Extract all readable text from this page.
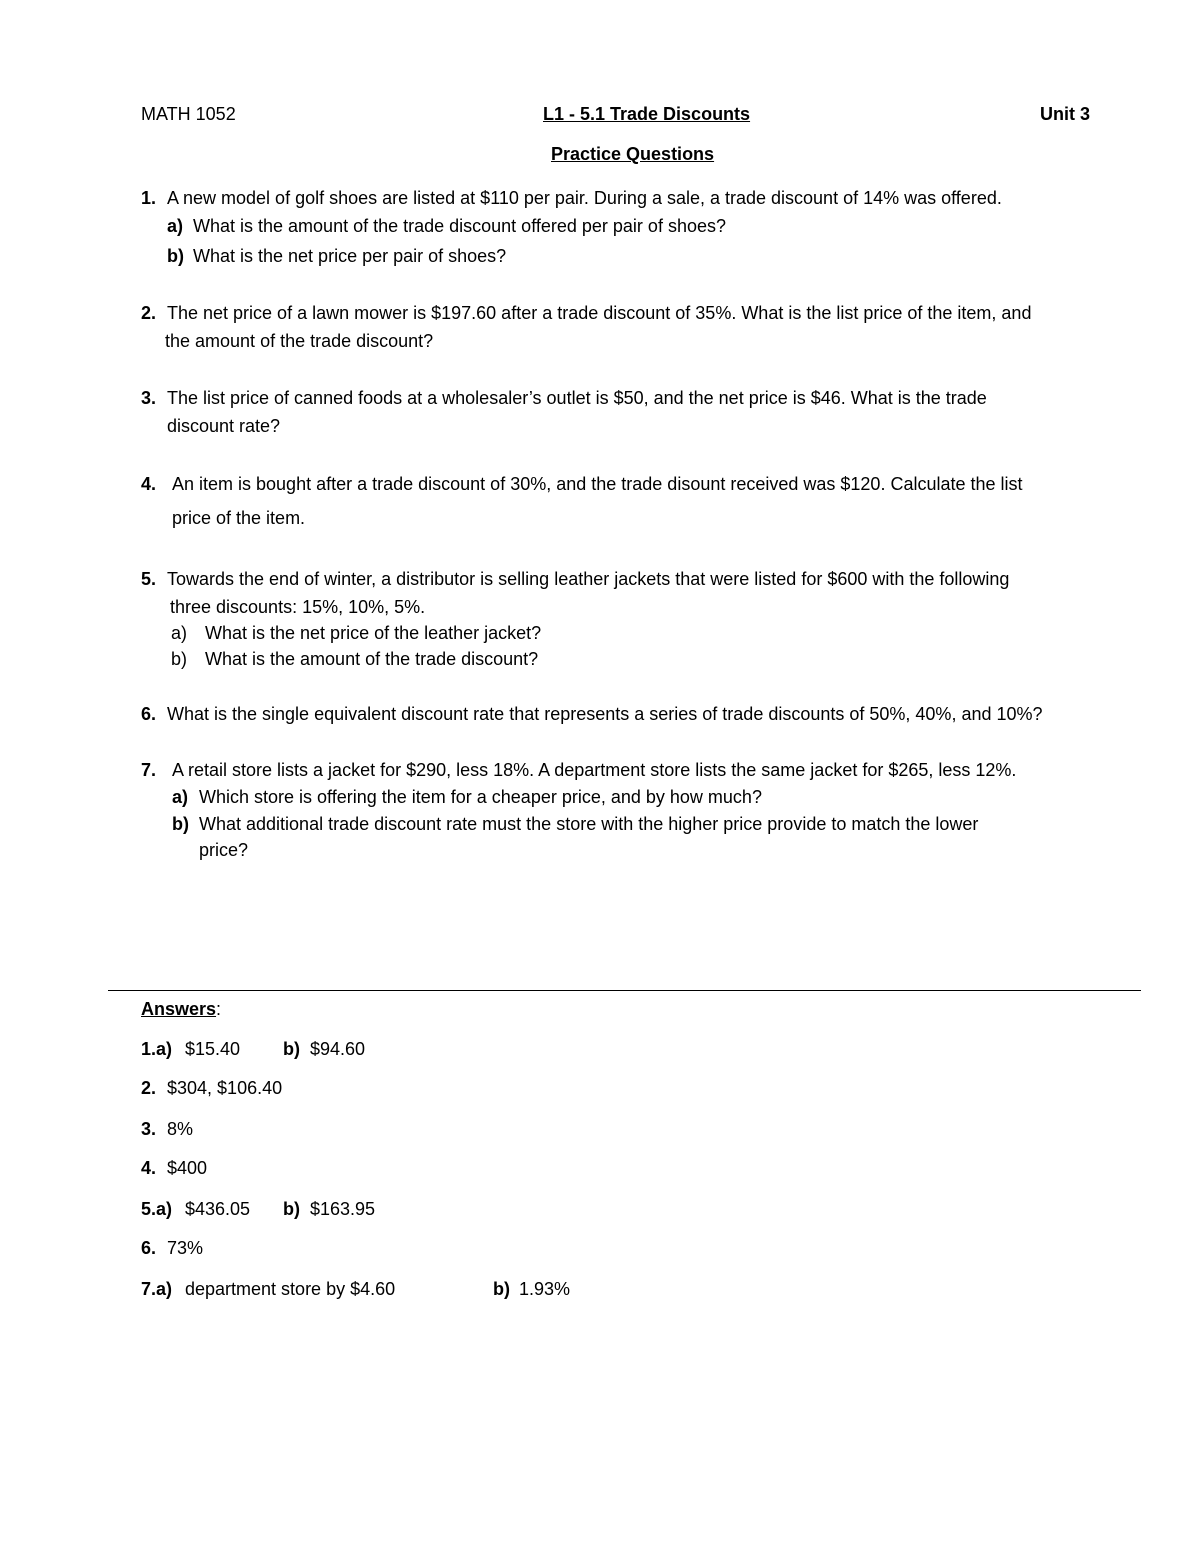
MATH 1052	L1 - 5.1 Trade Discounts	Unit 3
Practice Questions
1. A new model of golf shoes are listed at $110 per pair. During a sale, a trade discount of 14% was offered.
a) What is the amount of the trade discount offered per pair of shoes?
b) What is the net price per pair of shoes?
2. The net price of a lawn mower is $197.60 after a trade discount of 35%. What is the list price of the item, and
the amount of the trade discount?
3. The list price of canned foods at a wholesaler’s outlet is $50, and the net price is $46. What is the trade
discount rate?
4. An item is bought after a trade discount of 30%, and the trade disount received was $120. Calculate the list
price of the item.
5. Towards the end of winter, a distributor is selling leather jackets that were listed for $600 with the following
three discounts: 15%, 10%, 5%.
a) What is the net price of the leather jacket?
b) What is the amount of the trade discount?
6. What is the single equivalent discount rate that represents a series of trade discounts of 50%, 40%, and 10%?
7. A retail store lists a jacket for $290, less 18%. A department store lists the same jacket for $265, less 12%.
a) Which store is offering the item for a cheaper price, and by how much?
b) What additional trade discount rate must the store with the higher price provide to match the lower
price?
Answers:
1.a) $15.40 b) $94.60
2. $304, $106.40
3. 8%
4. $400
5.a) $436.05 b) $163.95
6. 73%
7.a) department store by $4.60	b) 1.93%
